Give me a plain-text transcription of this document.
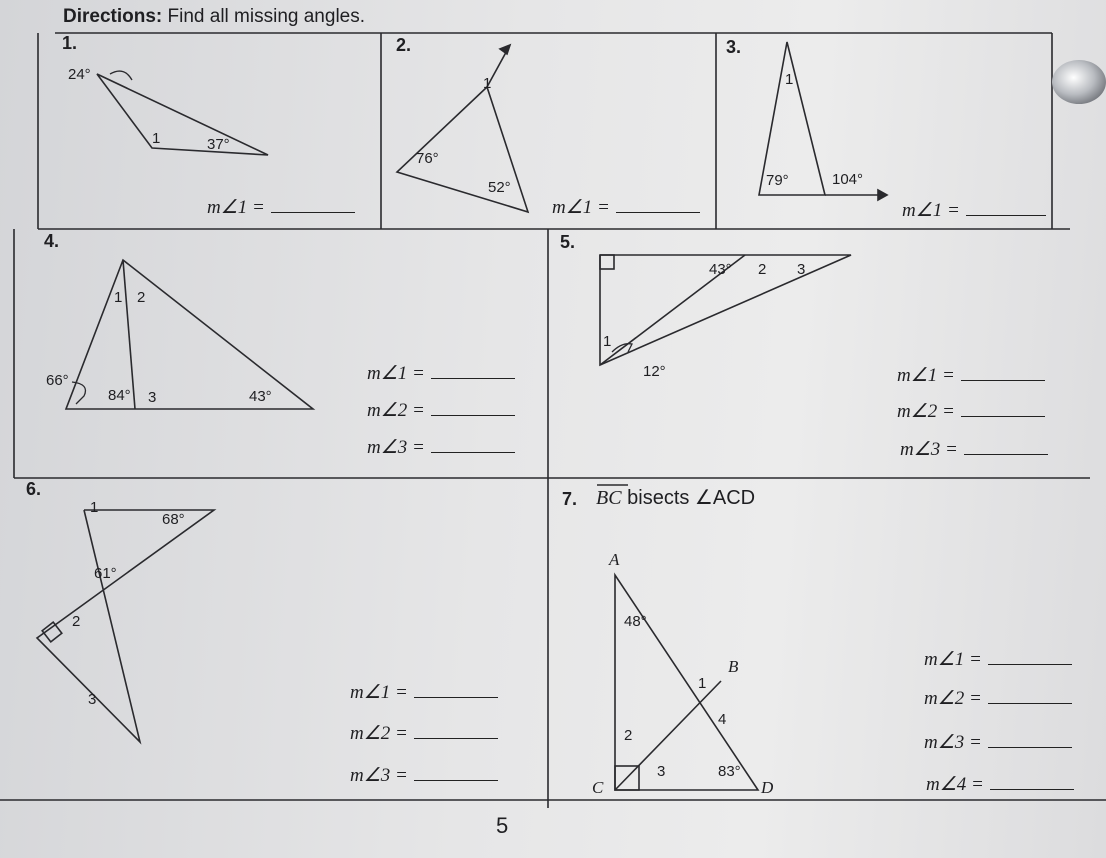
Directions: Find all missing angles.
1.
24°
1	37°
m∠1 =
2.
1
76°
52°
m∠1 =
3.
1
79°	104°
m∠1 =
4.
1 2
66°
84° 3	43°
m∠1 =
m∠2 =
m∠3 =
5.
43° 2 3
1
12°	m∠1 =
m∠2 =
m∠3 =
6.
1
68°
61°
2
3	m∠1 =
m∠2 =
m∠3 =
7. BC bisects ∠ACD
A
B
C	D
48°
1
4
2
3	83°
m∠1 =
m∠2 =
m∠3 =
m∠4 =
5
